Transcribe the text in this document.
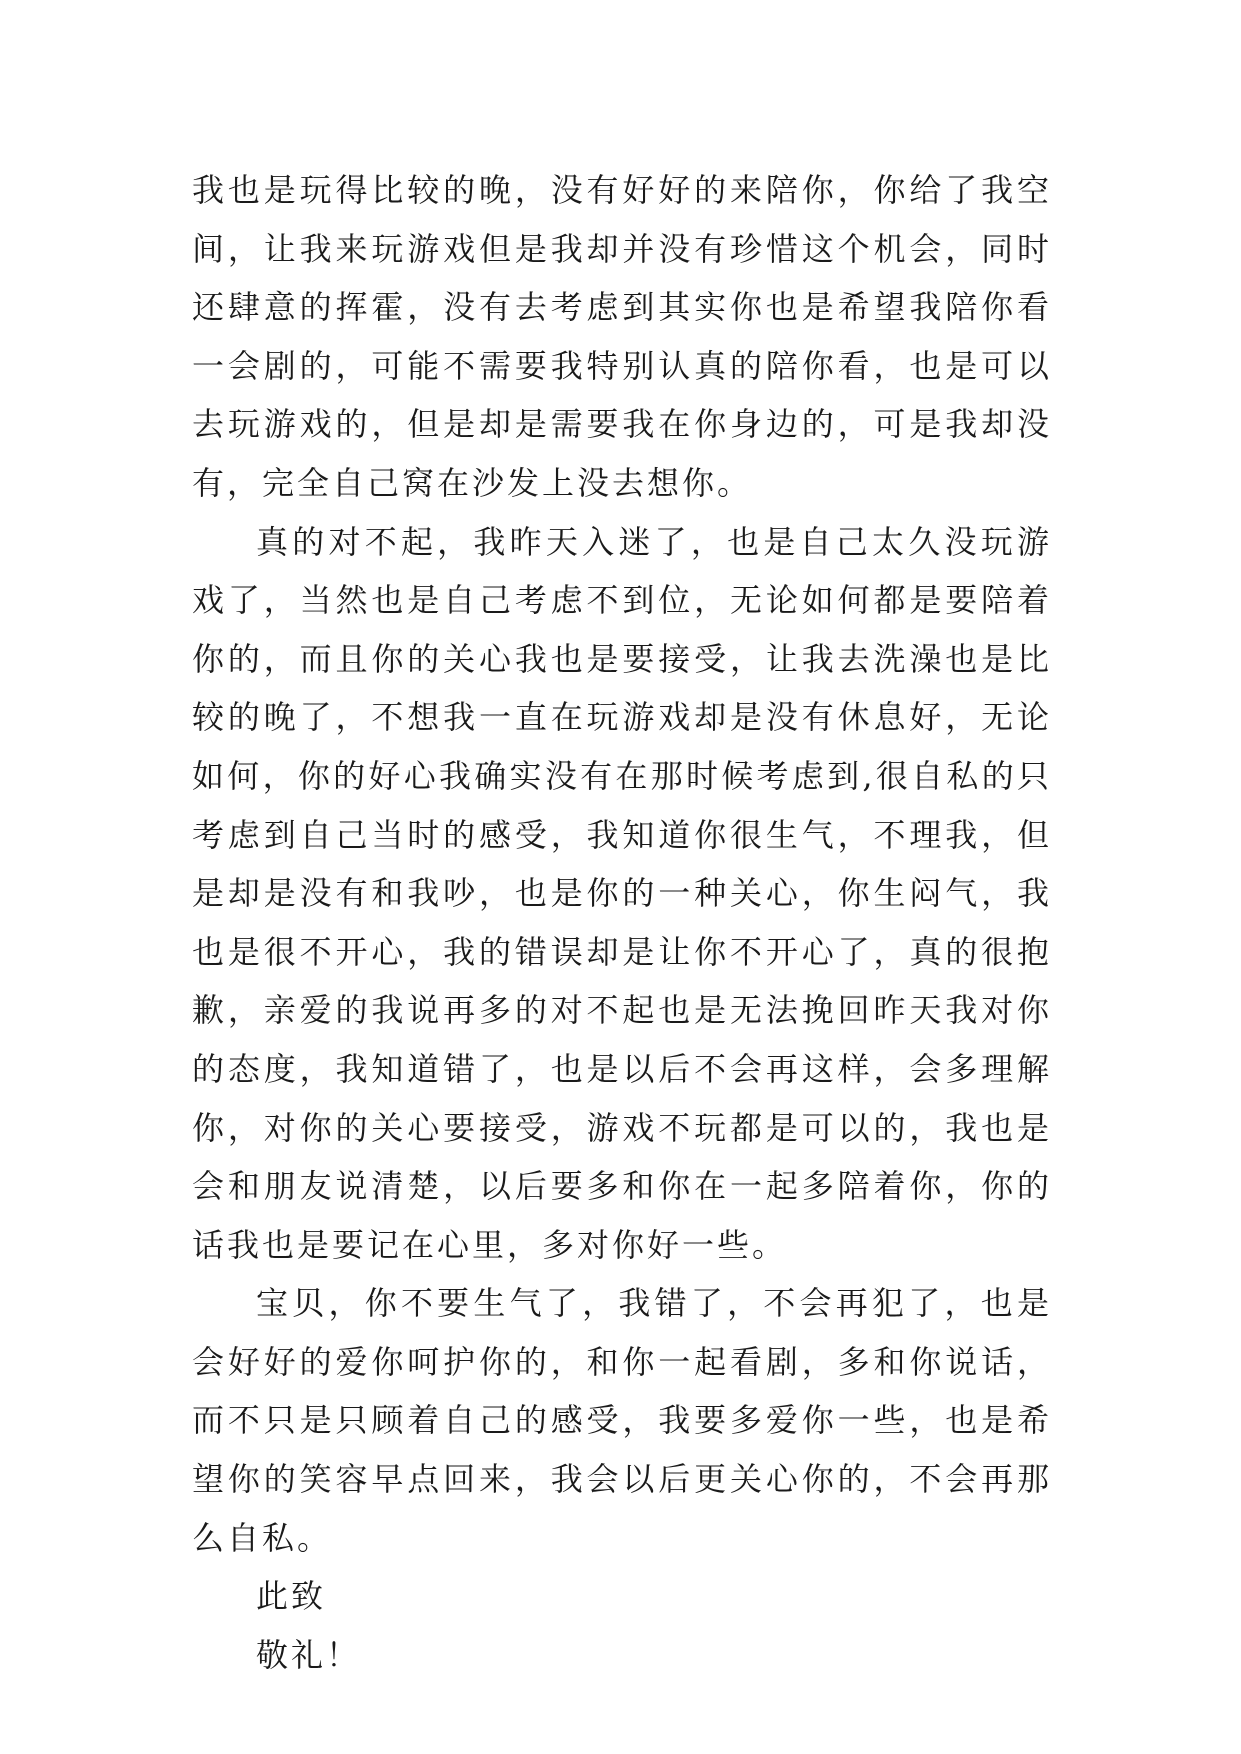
我也是玩得比较的晚，没有好好的来陪你，你给了我空间，让我来玩游戏但是我却并没有珍惜这个机会，同时还肆意的挥霍，没有去考虑到其实你也是希望我陪你看一会剧的，可能不需要我特别认真的陪你看，也是可以去玩游戏的，但是却是需要我在你身边的，可是我却没有，完全自己窝在沙发上没去想你。

真的对不起，我昨天入迷了，也是自己太久没玩游戏了，当然也是自己考虑不到位，无论如何都是要陪着你的，而且你的关心我也是要接受，让我去洗澡也是比较的晚了，不想我一直在玩游戏却是没有休息好，无论如何，你的好心我确实没有在那时候考虑到,很自私的只考虑到自己当时的感受，我知道你很生气，不理我，但是却是没有和我吵，也是你的一种关心，你生闷气，我也是很不开心，我的错误却是让你不开心了，真的很抱歉，亲爱的我说再多的对不起也是无法挽回昨天我对你的态度，我知道错了，也是以后不会再这样，会多理解你，对你的关心要接受，游戏不玩都是可以的，我也是会和朋友说清楚，以后要多和你在一起多陪着你，你的话我也是要记在心里，多对你好一些。

宝贝，你不要生气了，我错了，不会再犯了，也是会好好的爱你呵护你的，和你一起看剧，多和你说话，而不只是只顾着自己的感受，我要多爱你一些，也是希望你的笑容早点回来，我会以后更关心你的，不会再那么自私。

此致

敬礼！
